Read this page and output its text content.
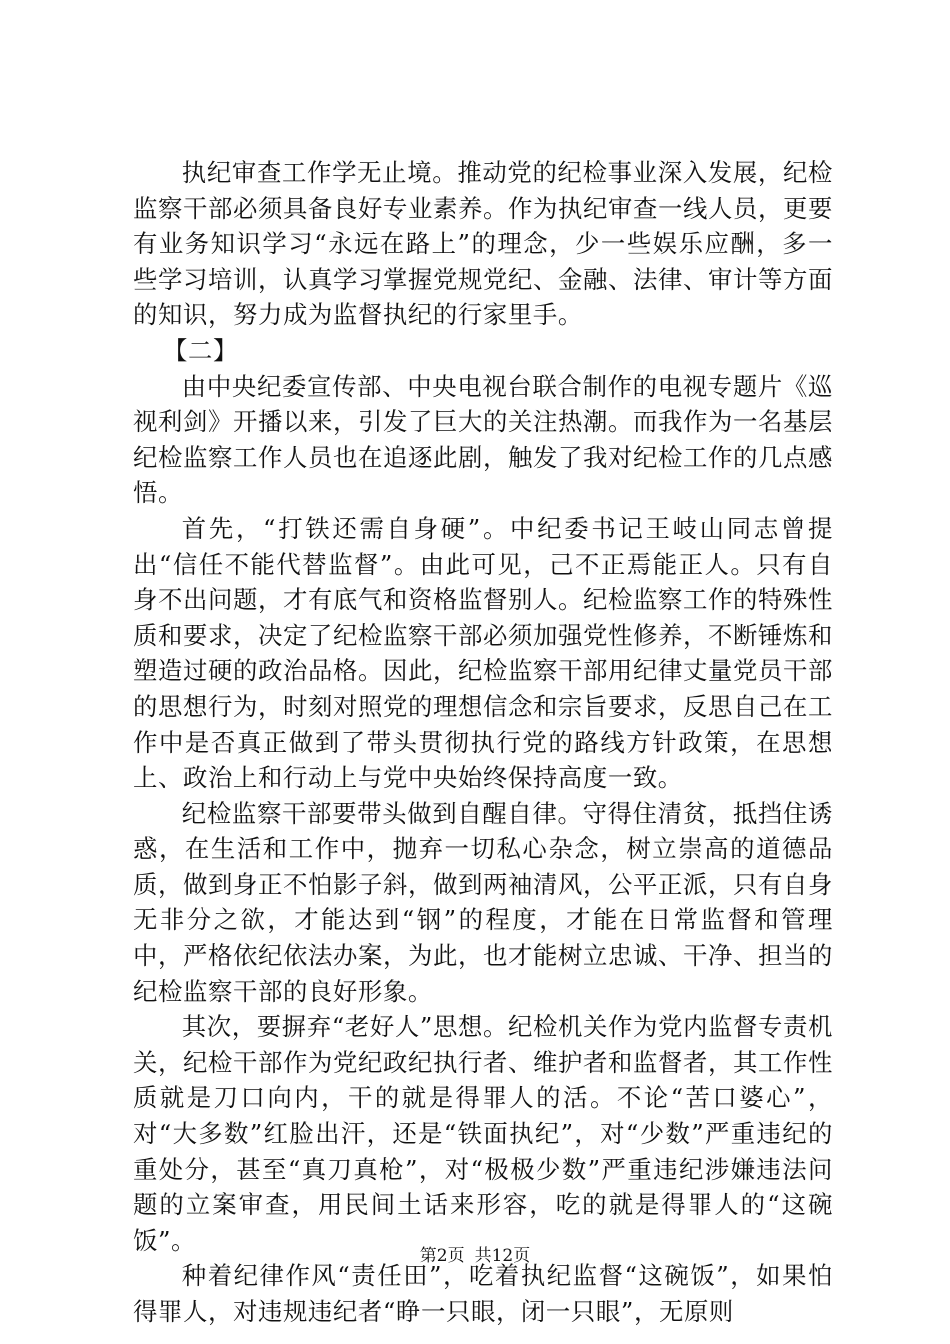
执纪审查工作学无止境。推动党的纪检事业深入发展，纪检监察干部必须具备良好专业素养。作为执纪审查一线人员，更要有业务知识学习“永远在路上”的理念，少一些娱乐应酬，多一些学习培训，认真学习掌握党规党纪、金融、法律、审计等方面的知识，努力成为监督执纪的行家里手。

【二】

由中央纪委宣传部、中央电视台联合制作的电视专题片《巡视利剑》开播以来，引发了巨大的关注热潮。而我作为一名基层纪检监察工作人员也在追逐此剧，触发了我对纪检工作的几点感悟。

首先，“打铁还需自身硬”。中纪委书记王岐山同志曾提出“信任不能代替监督”。由此可见，己不正焉能正人。只有自身不出问题，才有底气和资格监督别人。纪检监察工作的特殊性质和要求，决定了纪检监察干部必须加强党性修养，不断锤炼和塑造过硬的政治品格。因此，纪检监察干部用纪律丈量党员干部的思想行为，时刻对照党的理想信念和宗旨要求，反思自己在工作中是否真正做到了带头贯彻执行党的路线方针政策，在思想上、政治上和行动上与党中央始终保持高度一致。

纪检监察干部要带头做到自醒自律。守得住清贫，抵挡住诱惑，在生活和工作中，抛弃一切私心杂念，树立崇高的道德品质，做到身正不怕影子斜，做到两袖清风，公平正派，只有自身无非分之欲，才能达到“钢”的程度，才能在日常监督和管理中，严格依纪依法办案，为此，也才能树立忠诚、干净、担当的纪检监察干部的良好形象。

其次，要摒弃“老好人”思想。纪检机关作为党内监督专责机关，纪检干部作为党纪政纪执行者、维护者和监督者，其工作性质就是刀口向内，干的就是得罪人的活。不论“苦口婆心”，对“大多数”红脸出汗，还是“铁面执纪”，对“少数”严重违纪的重处分，甚至“真刀真枪”，对“极极少数”严重违纪涉嫌违法问题的立案审查，用民间土话来形容，吃的就是得罪人的“这碗饭”。

种着纪律作风“责任田”，吃着执纪监督“这碗饭”，如果怕得罪人，对违规违纪者“睁一只眼，闭一只眼”，无原则

第2页 共12页
